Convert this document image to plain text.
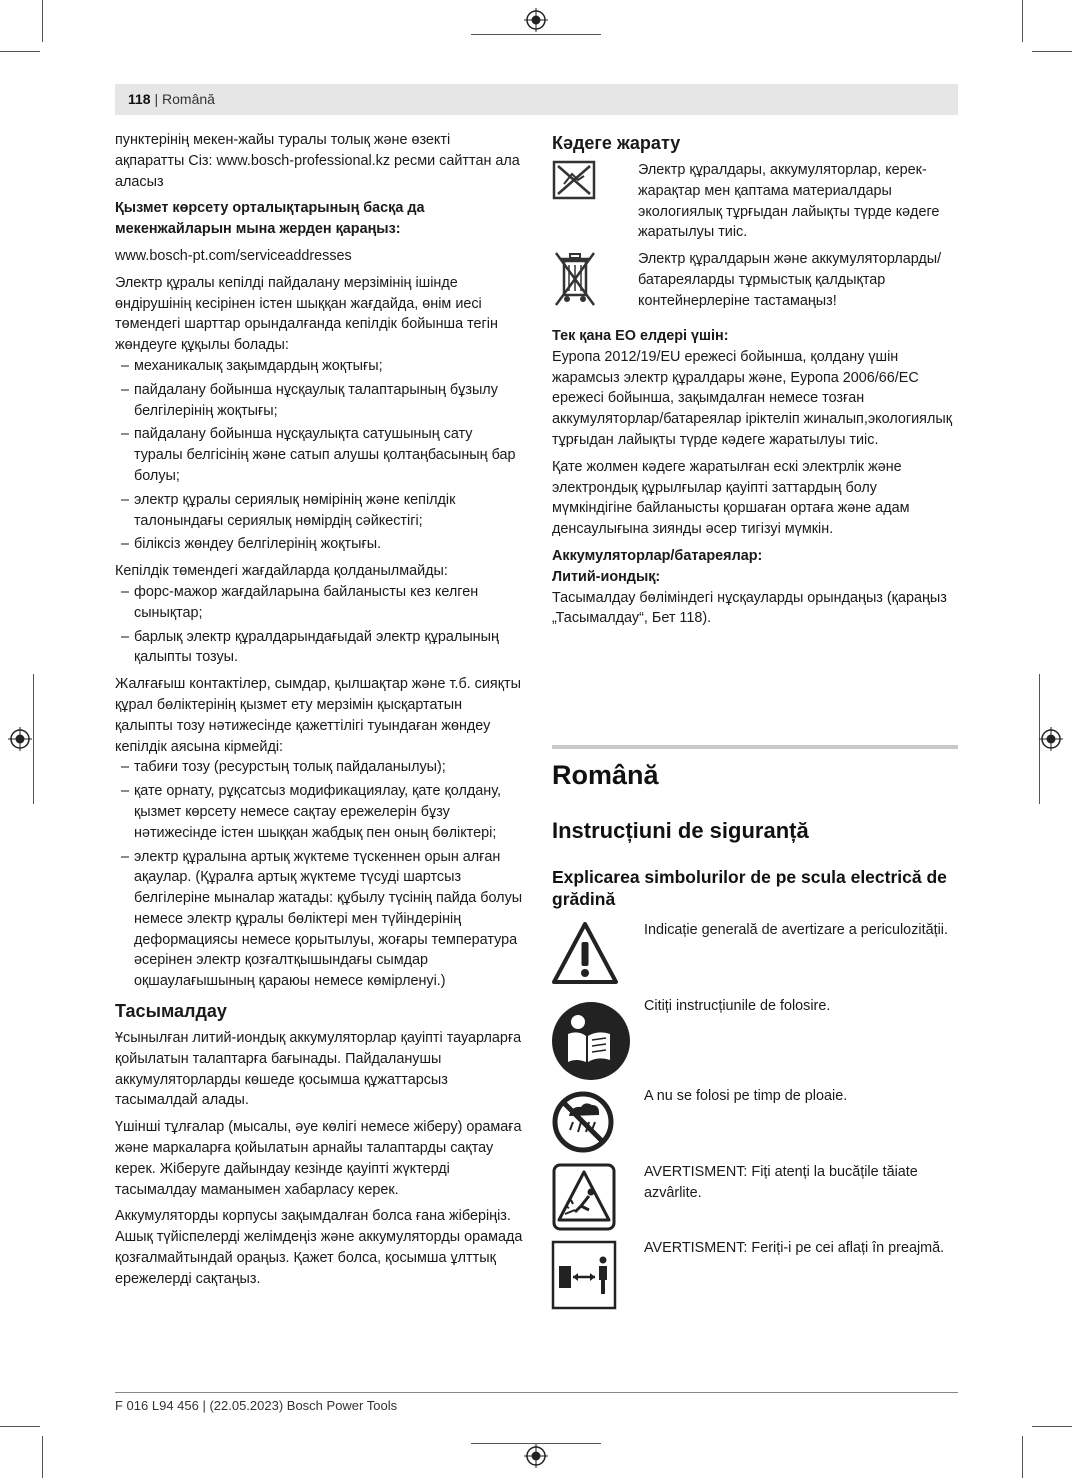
118 | Română

пунктерінің мекен-жайы туралы толық және өзекті ақпаратты Сіз: www.bosch-professional.kz ресми сайттан ала аласыз

Қызмет көрсету орталықтарының басқа да мекенжайларын мына жерден қараңыз:

www.bosch-pt.com/serviceaddresses

Электр құралы кепілді пайдалану мерзімінің ішінде өндірушінің кесірінен істен шыққан жағдайда, өнім иесі төмендегі шарттар орындалғанда кепілдік бойынша тегін жөндеуге құқылы болады:

– механикалық зақымдардың жоқтығы;
– пайдалану бойынша нұсқаулық талаптарының бұзылу белгілерінің жоқтығы;
– пайдалану бойынша нұсқаулықта сатушының сату туралы белгісінің және сатып алушы қолтаңбасының бар болуы;
– электр құралы сериялық нөмірінің және кепілдік талонындағы сериялық нөмірдің сәйкестігі;
– біліксіз жөндеу белгілерінің жоқтығы.

Кепілдік төмендегі жағдайларда қолданылмайды:

– форс-мажор жағдайларына байланысты кез келген сынықтар;
– барлық электр құралдарындағыдай электр құралының қалыпты тозуы.

Жалғағыш контактілер, сымдар, қылшақтар және т.б. сияқты құрал бөліктерінің қызмет ету мерзімін қысқартатын қалыпты тозу нәтижесінде қажеттілігі туындаған жөндеу кепілдік аясына кірмейді:

– табиғи тозу (ресурстың толық пайдаланылуы);
– қате орнату, рұқсатсыз модификациялау, қате қолдану, қызмет көрсету немесе сақтау ережелерін бұзу нәтижесінде істен шыққан жабдық пен оның бөліктері;
– электр құралына артық жүктеме түскеннен орын алған ақаулар. (Құралға артық жүктеме түсуді шартсыз белгілеріне мыналар жатады: құбылу түсінің пайда болуы немесе электр құралы бөліктері мен түйіндерінің деформациясы немесе қорытылуы, жоғары температура әсерінен электр қозғалтқышындағы сымдар оқшаулағышының қараюы немесе көмірленуі.)
Тасымалдау

Ұсынылған литий-иондық аккумуляторлар қауіпті тауарларға қойылатын талаптарға бағынады. Пайдаланушы аккумуляторларды көшеде қосымша құжаттарсыз тасымалдай алады.

Үшінші тұлғалар (мысалы, әуе көлігі немесе жіберу) орамаға және маркаларға қойылатын арнайы талаптарды сақтау керек. Жіберуге дайындау кезінде қауіпті жүктерді тасымалдау маманымен хабарласу керек.

Аккумуляторды корпусы зақымдалған болса ғана жіберіңіз. Ашық түйіспелерді желімдеңіз және аккумуляторды орамада қозғалмайтындай ораңыз. Қажет болса, қосымша ұлттық ережелерді сақтаңыз.

Кәдеге жарату
Электр құралдары, аккумуляторлар, керек-жарақтар мен қаптама материалдары экологиялық тұрғыдан лайықты түрде кәдеге жаратылуы тиіс.
Электр құралдарын және аккумуляторларды/батареяларды тұрмыстық қалдықтар контейнерлеріне тастамаңыз!

Тек қана ЕО елдері үшін:

Еуропа 2012/19/EU ережесі бойынша, қолдану үшін жарамсыз электр құралдары және, Еуропа 2006/66/EC ережесі бойынша, зақымдалған немесе тозған аккумуляторлар/батареялар іріктеліп жиналып,экологиялық тұрғыдан лайықты түрде кәдеге жаратылуы тиіс.

Қате жолмен кәдеге жаратылған ескі электрлік және электрондық құрылғылар қауіпті заттардың болу мүмкіндігіне байланысты қоршаған ортаға және адам денсаулығына зиянды әсер тигізуі мүмкін.

Аккумуляторлар/батареялар:

Литий-иондық:

Тасымалдау бөліміндегі нұсқауларды орындаңыз (қараңыз „Тасымалдау“, Бет 118).

Română
Instrucțiuni de siguranță
Explicarea simbolurilor de pe scula electrică de grădină
Indicație generală de avertizare a periculozității.
Citiți instrucțiunile de folosire.
A nu se folosi pe timp de ploaie.
AVERTISMENT: Fiți atenți la bucățile tăiate azvârlite.
AVERTISMENT: Feriți-i pe cei aflați în preajmă.
F 016 L94 456 | (22.05.2023) Bosch Power Tools
